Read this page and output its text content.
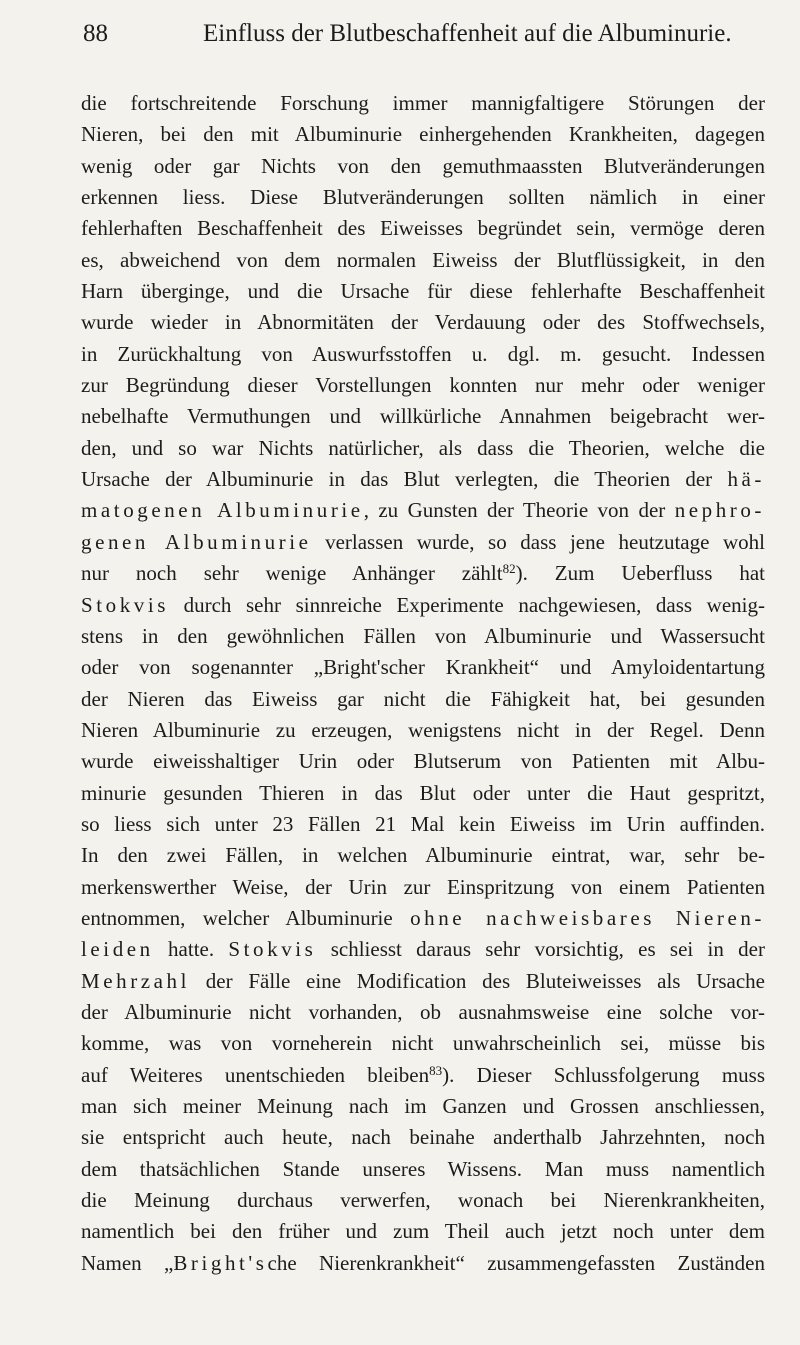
88	Einfluss der Blutbeschaffenheit auf die Albuminurie.
die fortschreitende Forschung immer mannigfaltigere Störungen der
Nieren, bei den mit Albuminurie einhergehenden Krankheiten, dagegen
wenig oder gar Nichts von den gemuthmaassten Blutveränderungen
erkennen liess. Diese Blutveränderungen sollten nämlich in einer
fehlerhaften Beschaffenheit des Eiweisses begründet sein, vermöge deren
es, abweichend von dem normalen Eiweiss der Blutflüssigkeit, in den
Harn überginge, und die Ursache für diese fehlerhafte Beschaffenheit
wurde wieder in Abnormitäten der Verdauung oder des Stoffwechsels,
in Zurückhaltung von Auswurfsstoffen u. dgl. m. gesucht. Indessen
zur Begründung dieser Vorstellungen konnten nur mehr oder weniger
nebelhafte Vermuthungen und willkürliche Annahmen beigebracht wer-
den, und so war Nichts natürlicher, als dass die Theorien, welche die
Ursache der Albuminurie in das Blut verlegten, die Theorien der hä-
matogenen Albuminurie, zu Gunsten der Theorie von der nephro-
genen Albuminurie verlassen wurde, so dass jene heutzutage wohl
nur noch sehr wenige Anhänger zählt$^{82}$). Zum Ueberfluss hat
Stokvis durch sehr sinnreiche Experimente nachgewiesen, dass wenig-
stens in den gewöhnlichen Fällen von Albuminurie und Wassersucht
oder von sogenannter „Bright'scher Krankheit“ und Amyloidentartung
der Nieren das Eiweiss gar nicht die Fähigkeit hat, bei gesunden
Nieren Albuminurie zu erzeugen, wenigstens nicht in der Regel. Denn
wurde eiweisshaltiger Urin oder Blutserum von Patienten mit Albu-
minurie gesunden Thieren in das Blut oder unter die Haut gespritzt,
so liess sich unter 23 Fällen 21 Mal kein Eiweiss im Urin auffinden.
In den zwei Fällen, in welchen Albuminurie eintrat, war, sehr be-
merkenswerther Weise, der Urin zur Einspritzung von einem Patienten
entnommen, welcher Albuminurie ohne nachweisbares Nieren-
leiden hatte. Stokvis schliesst daraus sehr vorsichtig, es sei in der
Mehrzahl der Fälle eine Modification des Bluteiweisses als Ursache
der Albuminurie nicht vorhanden, ob ausnahmsweise eine solche vor-
komme, was von vorneherein nicht unwahrscheinlich sei, müsse bis
auf Weiteres unentschieden bleiben$^{83}$). Dieser Schlussfolgerung muss
man sich meiner Meinung nach im Ganzen und Grossen anschliessen,
sie entspricht auch heute, nach beinahe anderthalb Jahrzehnten, noch
dem thatsächlichen Stande unseres Wissens. Man muss namentlich
die Meinung durchaus verwerfen, wonach bei Nierenkrankheiten,
namentlich bei den früher und zum Theil auch jetzt noch unter dem
Namen „Bright'sche Nierenkrankheit“ zusammengefassten Zuständen
